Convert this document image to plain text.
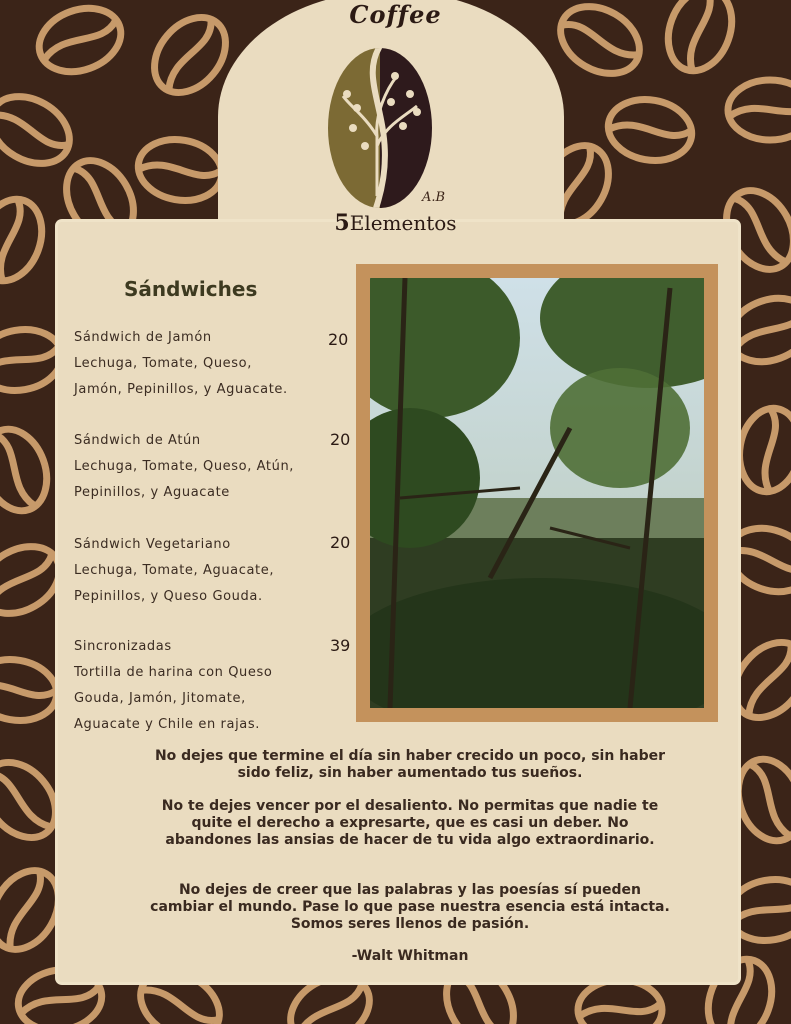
Coffee
A.B
5Elementos
Sándwiches
Sándwich de Jamón
Lechuga, Tomate, Queso,
Jamón, Pepinillos, y Aguacate.
20
Sándwich de Atún
Lechuga, Tomate, Queso, Atún,
Pepinillos, y Aguacate
20
Sándwich Vegetariano
Lechuga, Tomate, Aguacate,
Pepinillos, y Queso Gouda.
20
Sincronizadas
Tortilla de harina con Queso
Gouda, Jamón, Jitomate,
Aguacate y Chile en rajas.
39
No dejes que termine el día sin haber crecido un poco, sin haber sido feliz, sin haber aumentado tus sueños.
No te dejes vencer por el desaliento. No permitas que nadie te quite el derecho a expresarte, que es casi un deber. No abandones las ansias de hacer de tu vida algo extraordinario.
No dejes de creer que las palabras y las poesías sí pueden cambiar el mundo. Pase lo que pase nuestra esencia está intacta. Somos seres llenos de pasión.
-Walt Whitman
